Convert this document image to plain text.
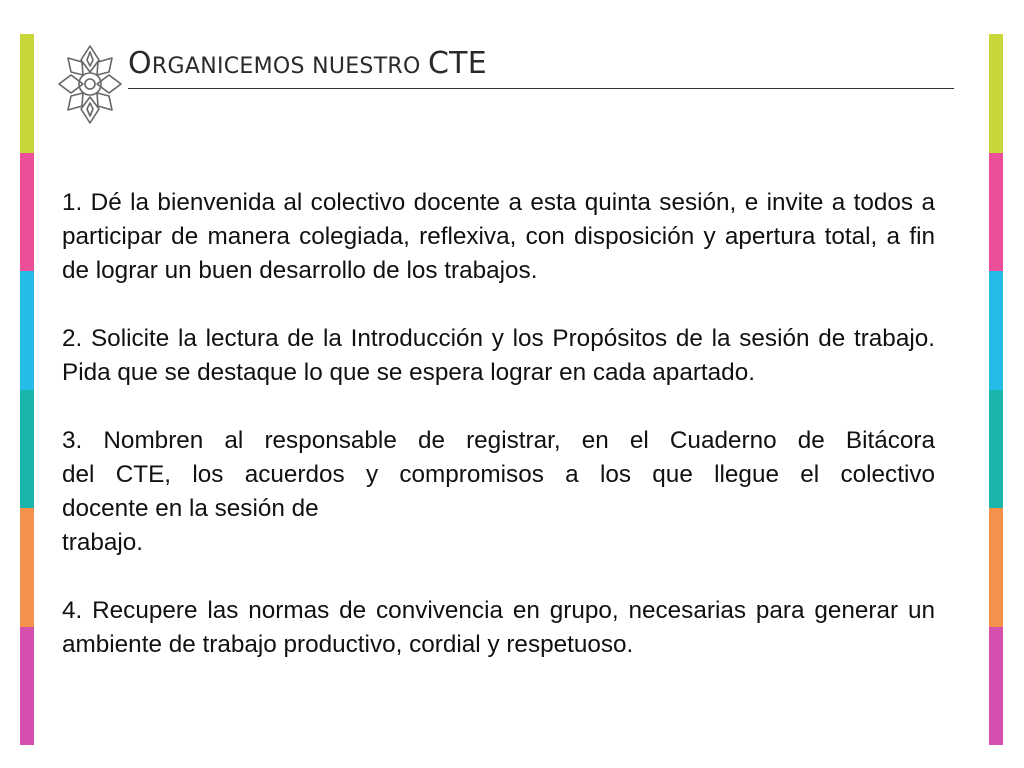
ORGANICEMOS NUESTRO CTE

1. Dé la bienvenida al colectivo docente a esta quinta sesión, e invite a todos a participar de manera colegiada, reflexiva, con disposición y apertura total, a fin de lograr un buen desarrollo de los trabajos.

2. Solicite la lectura de la Introducción y los Propósitos de la sesión de trabajo. Pida que se destaque lo que se espera lograr en cada apartado.

3. Nombren al responsable de registrar, en el Cuaderno de Bitácora
del CTE, los acuerdos y compromisos a los que llegue el colectivo
docente en la sesión de
trabajo.

4. Recupere las normas de convivencia en grupo, necesarias para generar un ambiente de trabajo productivo, cordial y respetuoso.
